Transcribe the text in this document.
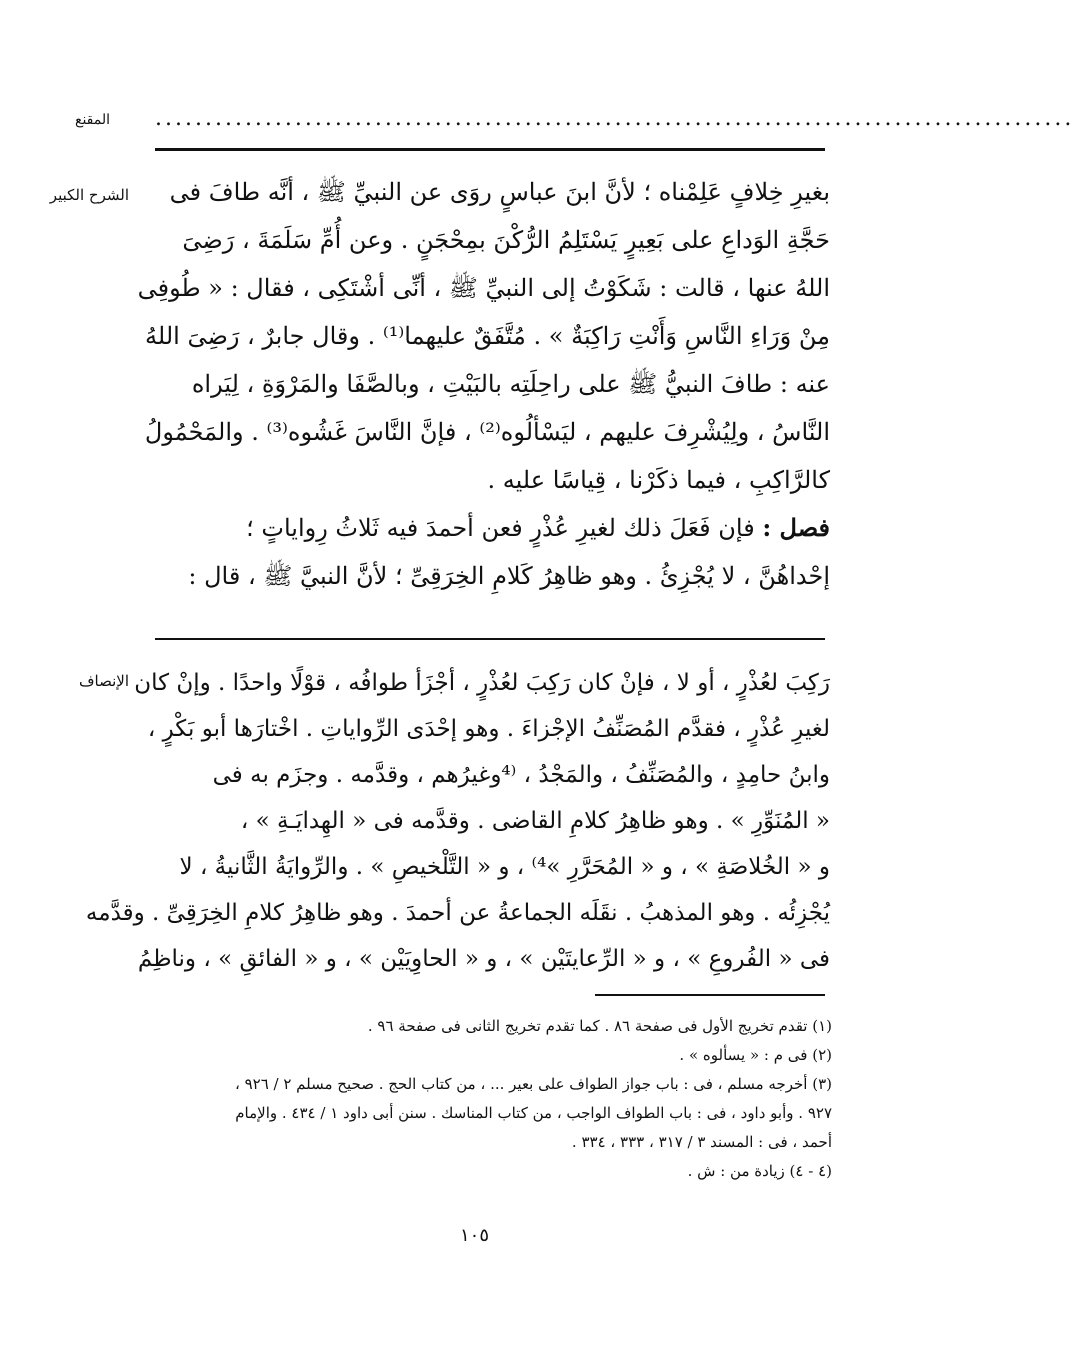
المقنع ............................................................................................
الشرح الكبير	بغيرِ خِلافٍ عَلِمْناه ؛ لأنَّ ابنَ عباسٍ روَى عن النبيِّ ﷺ ، أنَّه طافَ فى
حَجَّةِ الوَداعِ على بَعِيرٍ يَسْتَلِمُ الرُّكْنَ بمِحْجَنٍ . وعن أُمِّ سَلَمَةَ ، رَضِىَ
اللهُ عنها ، قالت : شَكَوْتُ إلى النبيِّ ﷺ ، أنِّى أشْتَكِى ، فقال : « طُوفِى
مِنْ وَرَاءِ النَّاسِ وَأَنْتِ رَاكِبَةٌ » . مُتَّفَقٌ عليهما⁽¹⁾ . وقال جابرٌ ، رَضِىَ اللهُ
عنه : طافَ النبيُّ ﷺ على راحِلَتِه بالبَيْتِ ، وبالصَّفَا والمَرْوَةِ ، لِيَراه
النَّاسُ ، ولِيُشْرِفَ عليهم ، ليَسْألُوه⁽²⁾ ، فإنَّ النَّاسَ غَشُوه⁽³⁾ . والمَحْمُولُ
كالرَّاكِبِ ، فيما ذكَرْنا ، قِياسًا عليه .
فصل : فإن فَعَلَ ذلك لغيرِ عُذْرٍ فعن أحمدَ فيه ثَلاثُ رِواياتٍ ؛
إحْداهُنَّ ، لا يُجْزِئُ . وهو ظاهِرُ كَلامِ الخِرَقِىِّ ؛ لأنَّ النبيَّ ﷺ ، قال :
الإنصاف رَكِبَ لعُذْرٍ ، أو لا ، فإنْ كان رَكِبَ لعُذْرٍ ، أجْزَأ طوافُه ، قوْلًا واحدًا . وإنْ كان
لغيرِ عُذْرٍ ، فقدَّم المُصَنِّفُ الإجْزاءَ . وهو إحْدَى الرِّواياتِ . اخْتارَها أبو بَكْرٍ ،
وابنُ حامِدٍ ، والمُصَنِّفُ ، والمَجْدُ ، ⁽⁴وغيرُهم ، وقدَّمه . وجزَم به فى
« المُنَوِّرِ » . وهو ظاهِرُ كلامِ القاضى . وقدَّمه فى « الهِدايَـةِ » ،
و « الخُلاصَةِ » ، و « المُحَرَّرِ »⁴⁾ ، و « التَّلْخيصِ » . والرِّوايَةُ الثَّانيةُ ، لا
يُجْزِئُه . وهو المذهبُ . نقَلَه الجماعةُ عن أحمدَ . وهو ظاهِرُ كلامِ الخِرَقِىِّ . وقدَّمه
فى « الفُروعِ » ، و « الرِّعايتَيْن » ، و « الحاوِيَيْن » ، و « الفائقِ » ، وناظِمُ
(١) تقدم تخريج الأول فى صفحة ٨٦ . كما تقدم تخريج الثانى فى صفحة ٩٦ .
(٢) فى م : « يسألوه » .
(٣) أخرجه مسلم ، فى : باب جواز الطواف على بعير ... ، من كتاب الحج . صحيح مسلم ٢ / ٩٢٦ ،
٩٢٧ . وأبو داود ، فى : باب الطواف الواجب ، من كتاب المناسك . سنن أبى داود ١ / ٤٣٤ . والإمام
أحمد ، فى : المسند ٣ / ٣١٧ ، ٣٣٣ ، ٣٣٤ .
(٤ - ٤) زيادة من : ش .
١٠٥
